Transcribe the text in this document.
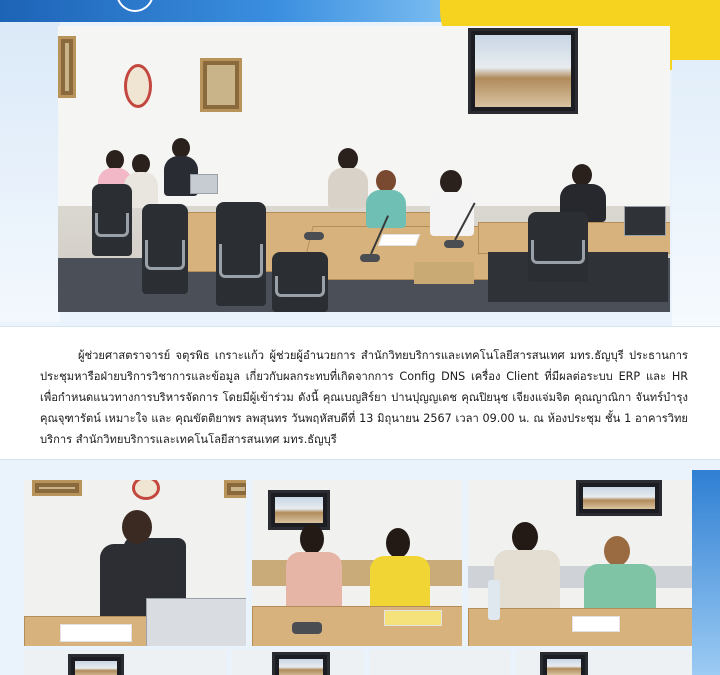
ผู้ช่วยศาสตราจารย์ จตุรพิธ เกราะแก้ว ผู้ช่วยผู้อำนวยการ สำนักวิทยบริการและเทคโนโลยีสารสนเทศ มทร.ธัญบุรี ประธานการประชุมหารือฝ่ายบริการวิชาการและข้อมูล เกี่ยวกับผลกระทบที่เกิดจากการ Config DNS เครื่อง Client ที่มีผลต่อระบบ ERP และ HR เพื่อกำหนดแนวทางการบริหารจัดการ โดยมีผู้เข้าร่วม ดังนี้ คุณเบญสิร์ยา ปานปุญญเดช คุณปิยนุช เจียงแจ่มจิต คุณญาณิกา จันทร์บำรุง คุณจุฑารัตน์ เหมาะใจ และ คุณขัตติยาพร ลพสุนทร วันพฤหัสบดีที่ 13 มิถุนายน 2567 เวลา 09.00 น. ณ ห้องประชุม ชั้น 1 อาคารวิทยบริการ สำนักวิทยบริการและเทคโนโลยีสารสนเทศ มทร.ธัญบุรี
